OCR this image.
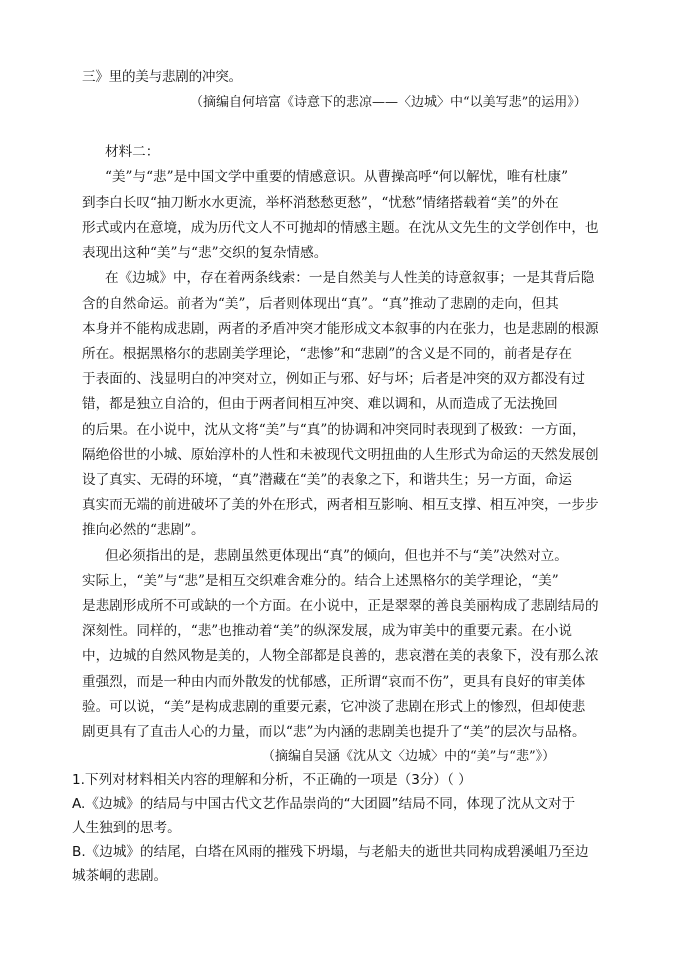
三》里的美与悲剧的冲突。
（摘编自何培富《诗意下的悲凉——〈边城〉中“以美写悲”的运用》）
材料二：
“美”与“悲”是中国文学中重要的情感意识。从曹操高呼“何以解忧，唯有杜康”
到李白长叹“抽刀断水水更流，举杯消愁愁更愁”，“忧愁”情绪搭载着“美”的外在
形式或内在意境，成为历代文人不可抛却的情感主题。在沈从文先生的文学创作中，也
表现出这种“美”与“悲”交织的复杂情感。
在《边城》中，存在着两条线索：一是自然美与人性美的诗意叙事；一是其背后隐
含的自然命运。前者为“美”，后者则体现出“真”。“真”推动了悲剧的走向，但其
本身并不能构成悲剧，两者的矛盾冲突才能形成文本叙事的内在张力，也是悲剧的根源
所在。根据黑格尔的悲剧美学理论，“悲惨”和“悲剧”的含义是不同的，前者是存在
于表面的、浅显明白的冲突对立，例如正与邪、好与坏；后者是冲突的双方都没有过
错，都是独立自洽的，但由于两者间相互冲突、难以调和，从而造成了无法挽回
的后果。在小说中，沈从文将“美”与“真”的协调和冲突同时表现到了极致：一方面，
隔绝俗世的小城、原始淳朴的人性和未被现代文明扭曲的人生形式为命运的天然发展创
设了真实、无碍的环境，“真”潜藏在“美”的表象之下，和谐共生；另一方面，命运
真实而无端的前进破坏了美的外在形式，两者相互影响、相互支撑、相互冲突，一步步
推向必然的“悲剧”。
但必须指出的是，悲剧虽然更体现出“真”的倾向，但也并不与“美”决然对立。
实际上，“美”与“悲”是相互交织难舍难分的。结合上述黑格尔的美学理论，“美”
是悲剧形成所不可或缺的一个方面。在小说中，正是翠翠的善良美丽构成了悲剧结局的
深刻性。同样的，“悲”也推动着“美”的纵深发展，成为审美中的重要元素。在小说
中，边城的自然风物是美的，人物全部都是良善的，悲哀潜在美的表象下，没有那么浓
重强烈，而是一种由内而外散发的忧郁感，正所谓“哀而不伤”，更具有良好的审美体
验。可以说，“美”是构成悲剧的重要元素，它冲淡了悲剧在形式上的惨烈，但却使悲
剧更具有了直击人心的力量，而以“悲”为内涵的悲剧美也提升了“美”的层次与品格。
（摘编自吴涵《沈从文〈边城〉中的“美”与“悲”》）
1.下列对材料相关内容的理解和分析，不正确的一项是（3分）（ ）
A.《边城》的结局与中国古代文艺作品崇尚的“大团圆”结局不同，体现了沈从文对于
人生独到的思考。
B.《边城》的结尾，白塔在风雨的摧残下坍塌，与老船夫的逝世共同构成碧溪岨乃至边
城茶峒的悲剧。
